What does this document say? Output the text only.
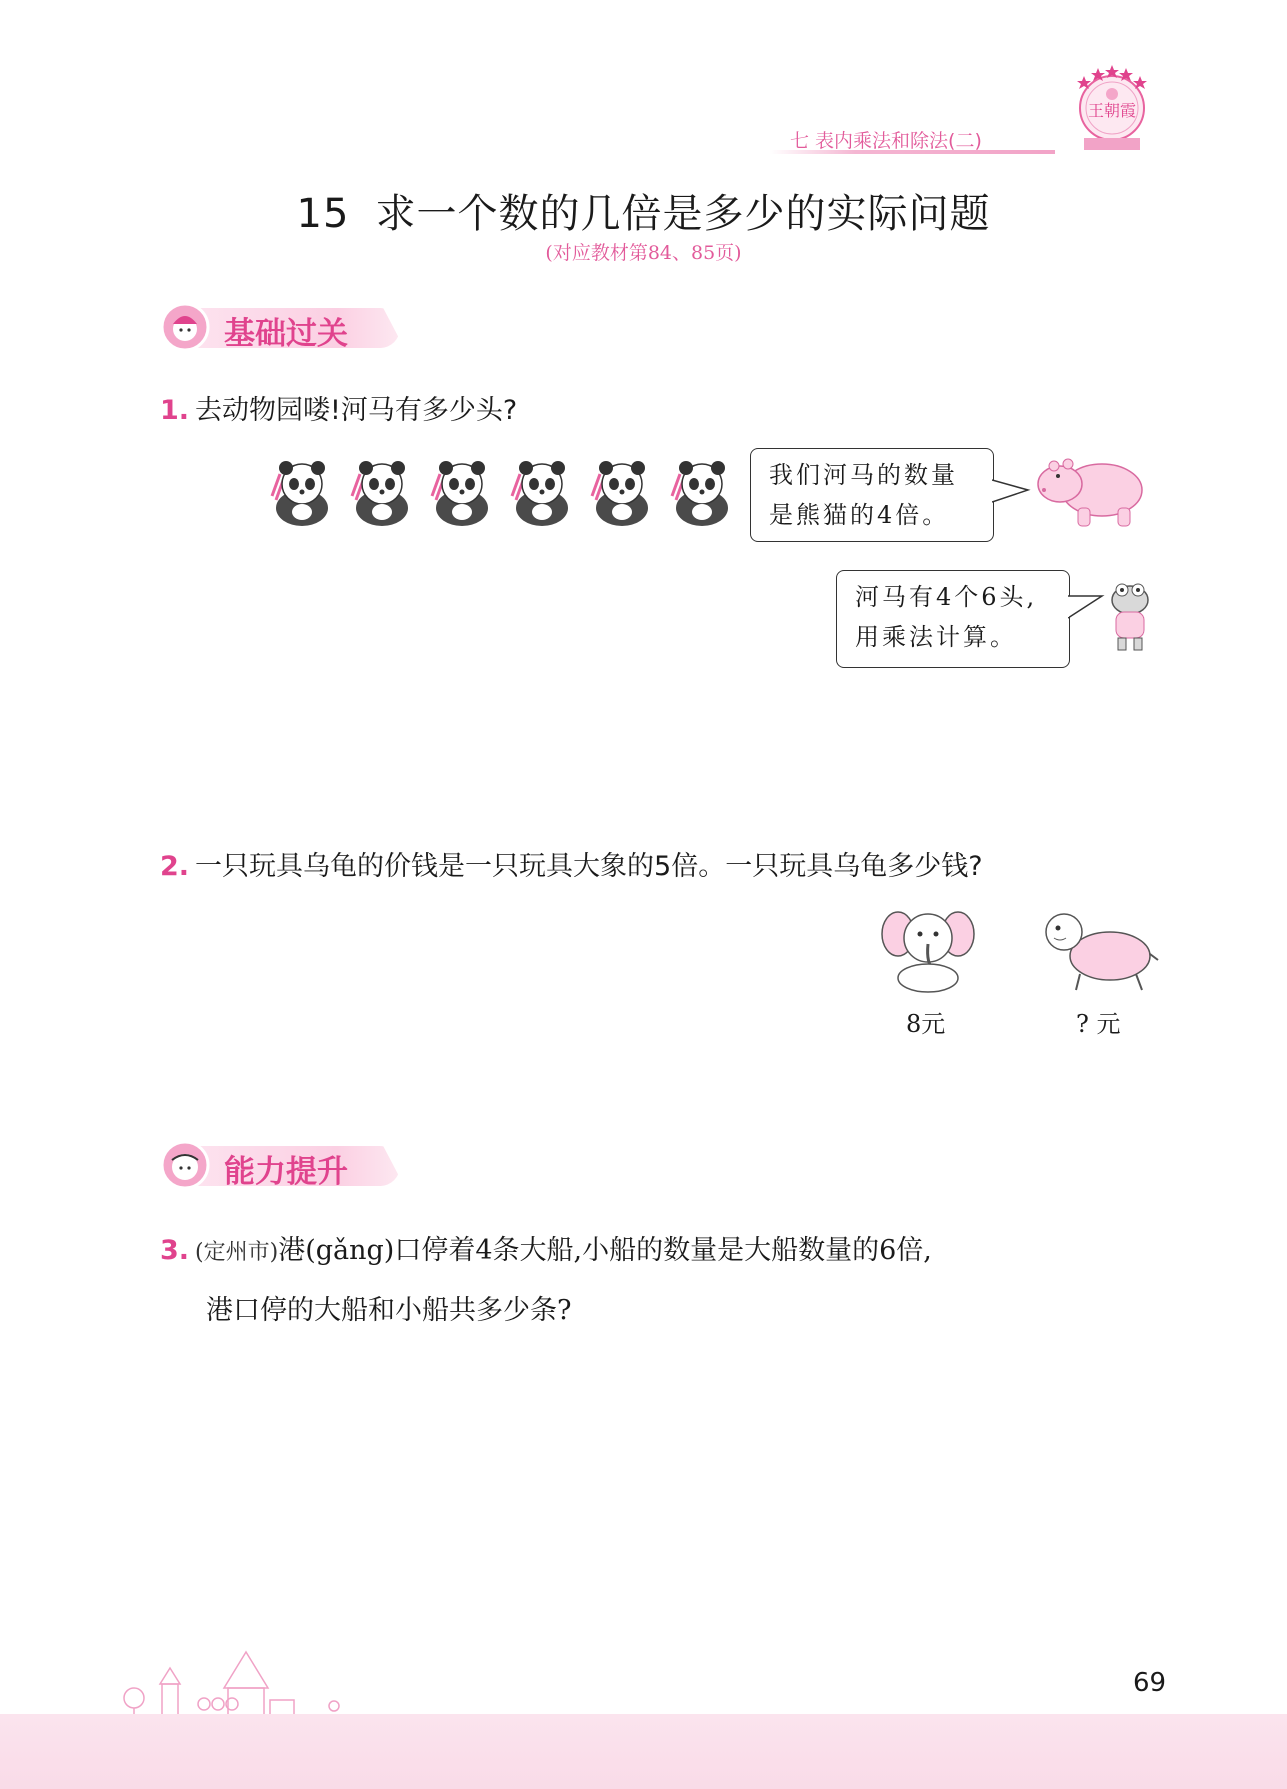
七 表内乘法和除法(二)
王朝霞
15 求一个数的几倍是多少的实际问题
(对应教材第84、85页)
基础过关
1. 去动物园喽!河马有多少头?
我们河马的数量
是熊猫的4倍。
河马有4个6头,
用乘法计算。
2. 一只玩具乌龟的价钱是一只玩具大象的5倍。一只玩具乌龟多少钱?
8元	? 元
能力提升
3. (定州市)港(gǎng)口停着4条大船,小船的数量是大船数量的6倍,
港口停的大船和小船共多少条?
69
